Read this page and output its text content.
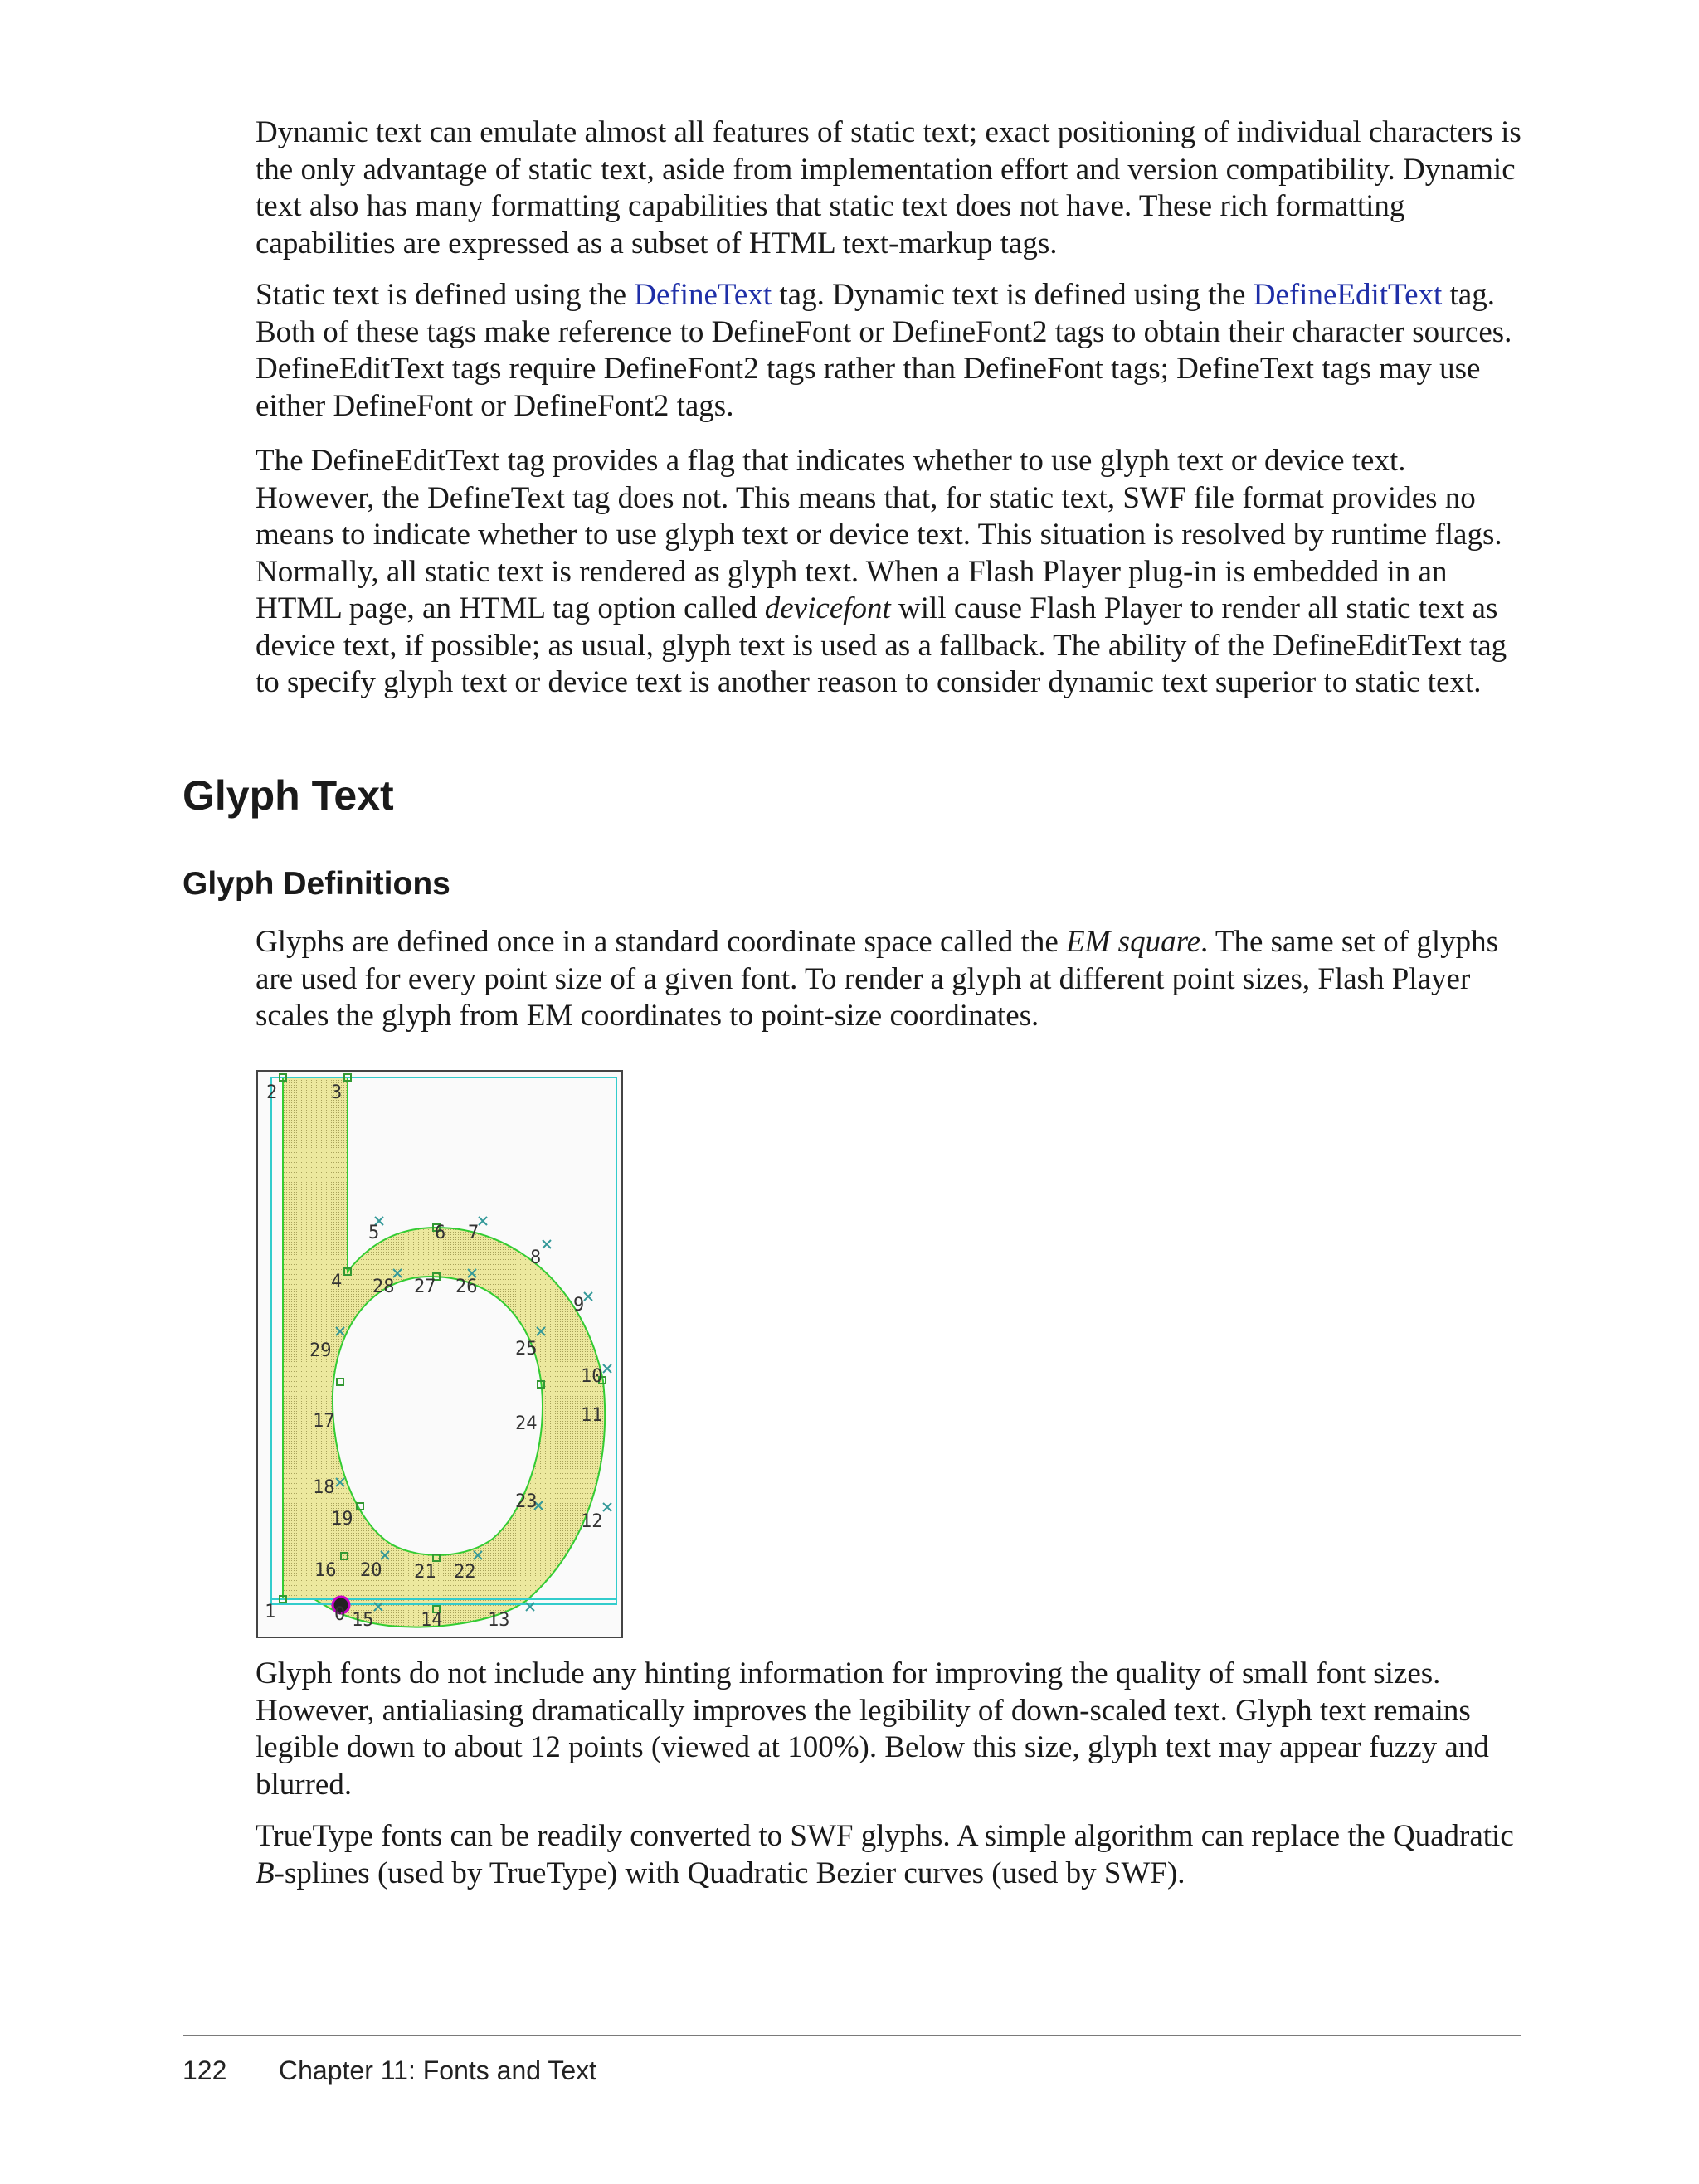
Dynamic text can emulate almost all features of static text; exact positioning of individual characters is the only advantage of static text, aside from implementation effort and version compatibility. Dynamic text also has many formatting capabilities that static text does not have. These rich formatting capabilities are expressed as a subset of HTML text-markup tags.

Static text is defined using the DefineText tag. Dynamic text is defined using the DefineEditText tag. Both of these tags make reference to DefineFont or DefineFont2 tags to obtain their character sources. DefineEditText tags require DefineFont2 tags rather than DefineFont tags; DefineText tags may use either DefineFont or DefineFont2 tags.

The DefineEditText tag provides a flag that indicates whether to use glyph text or device text. However, the DefineText tag does not. This means that, for static text, SWF file format provides no means to indicate whether to use glyph text or device text. This situation is resolved by runtime flags. Normally, all static text is rendered as glyph text. When a Flash Player plug-in is embedded in an HTML page, an HTML tag option called devicefont will cause Flash Player to render all static text as device text, if possible; as usual, glyph text is used as a fallback. The ability of the DefineEditText tag to specify glyph text or device text is another reason to consider dynamic text superior to static text.

Glyph Text
Glyph Definitions

Glyphs are defined once in a standard coordinate space called the EM square. The same set of glyphs are used for every point size of a given font. To render a glyph at different point sizes, Flash Player scales the glyph from EM coordinates to point-size coordinates.

0
1
2	3
4
5	6 7
8
9
10
11
12
13
14
15
16
17
18
19
20 21 22
23
24
25
26
27
28
29

Glyph fonts do not include any hinting information for improving the quality of small font sizes. However, antialiasing dramatically improves the legibility of down-scaled text. Glyph text remains legible down to about 12 points (viewed at 100%). Below this size, glyph text may appear fuzzy and blurred.

TrueType fonts can be readily converted to SWF glyphs. A simple algorithm can replace the Quadratic B-splines (used by TrueType) with Quadratic Bezier curves (used by SWF).

122 Chapter 11: Fonts and Text
